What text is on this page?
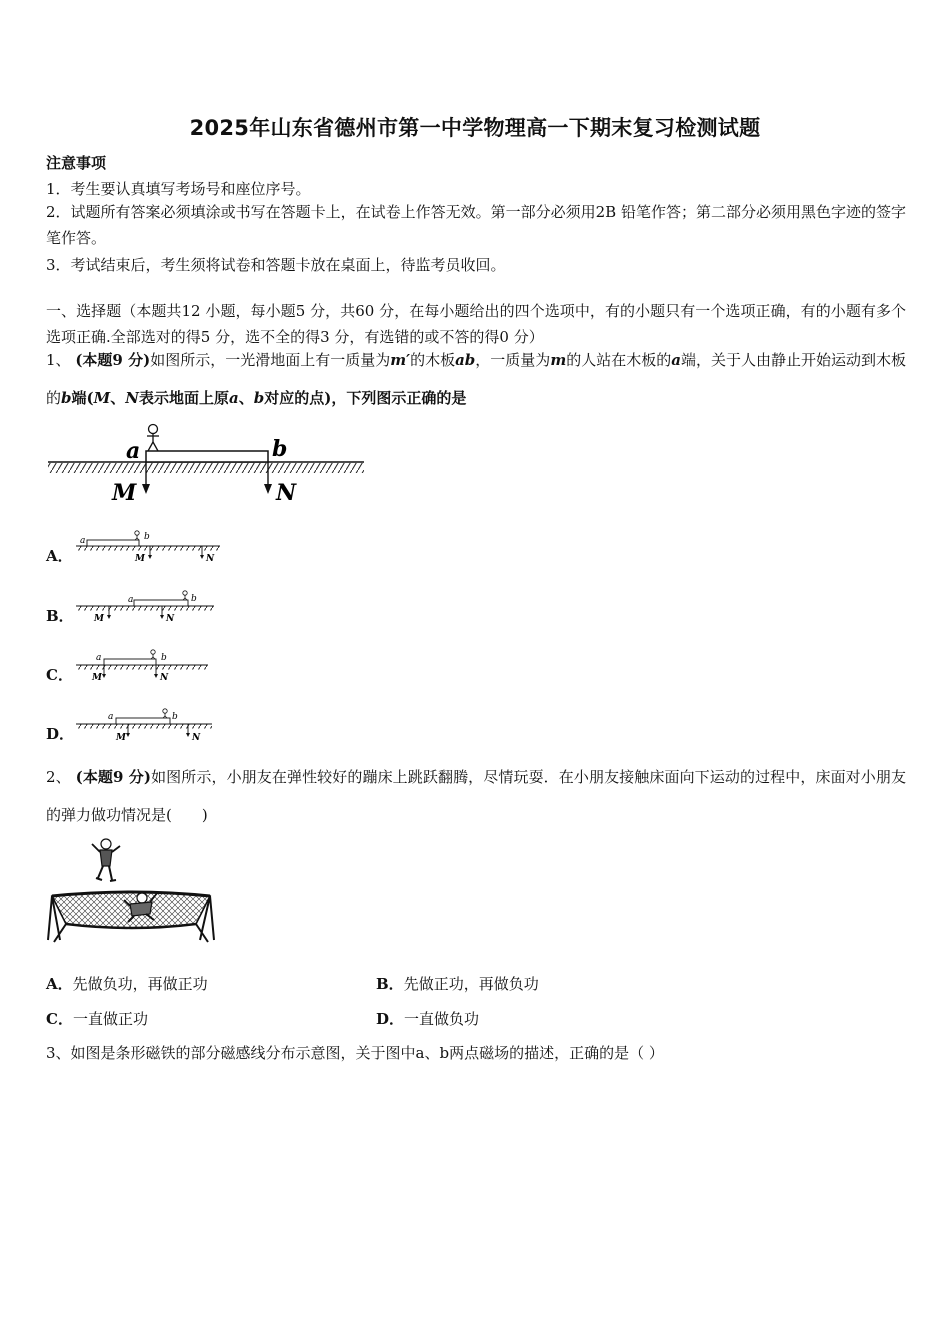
2025年山东省德州市第一中学物理高一下期末复习检测试题
注意事项
1．考生要认真填写考场号和座位序号。
2．试题所有答案必须填涂或书写在答题卡上，在试卷上作答无效。第一部分必须用2B 铅笔作答；第二部分必须用黑色字迹的签字笔作答。
3．考试结束后，考生须将试卷和答题卡放在桌面上，待监考员收回。
一、选择题（本题共12 小题，每小题5 分，共60 分，在每小题给出的四个选项中，有的小题只有一个选项正确，有的小题有多个选项正确.全部选对的得5 分，选不全的得3 分，有选错的或不答的得0 分）
1、 (本题9 分)如图所示，一光滑地面上有一质量为m′的木板ab，一质量为m的人站在木板的a端，关于人由静止开始运动到木板的b端(M、N表示地面上原a、b对应的点)，下列图示正确的是
a	b
M	N
A．
a	b
M	N
B．
a	b
M	N
C．
a	b
M	N
D．
a	b
M	N
2、 (本题9 分)如图所示，小朋友在弹性较好的蹦床上跳跃翻腾，尽情玩耍．在小朋友接触床面向下运动的过程中，床面对小朋友的弹力做功情况是(　　)
A．先做负功，再做正功	B．先做正功，再做负功
C．一直做正功	D．一直做负功
3、如图是条形磁铁的部分磁感线分布示意图，关于图中a、b两点磁场的描述，正确的是（ ）
